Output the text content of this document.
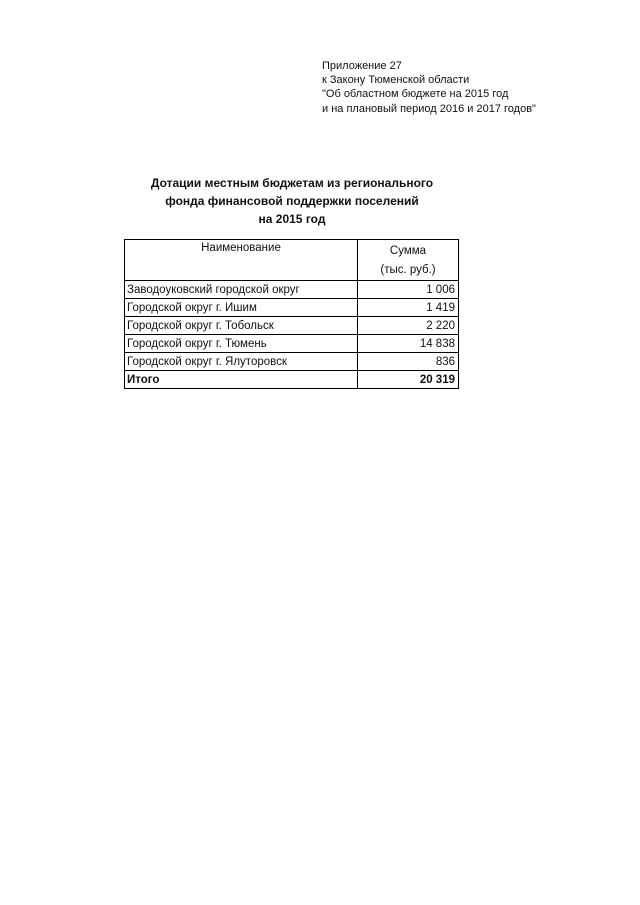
Приложение 27
к Закону Тюменской области
"Об областном бюджете на 2015 год
и на плановый период 2016 и 2017 годов"
Дотации местным бюджетам из регионального
фонда финансовой поддержки поселений
на 2015 год
Наименование	Сумма
(тыс. руб.)

Заводоуковский городской округ	1 006
Городской округ г. Ишим	1 419
Городской округ г. Тобольск	2 220
Городской округ г. Тюмень	14 838
Городской округ г. Ялуторовск	836
Итого	20 319
